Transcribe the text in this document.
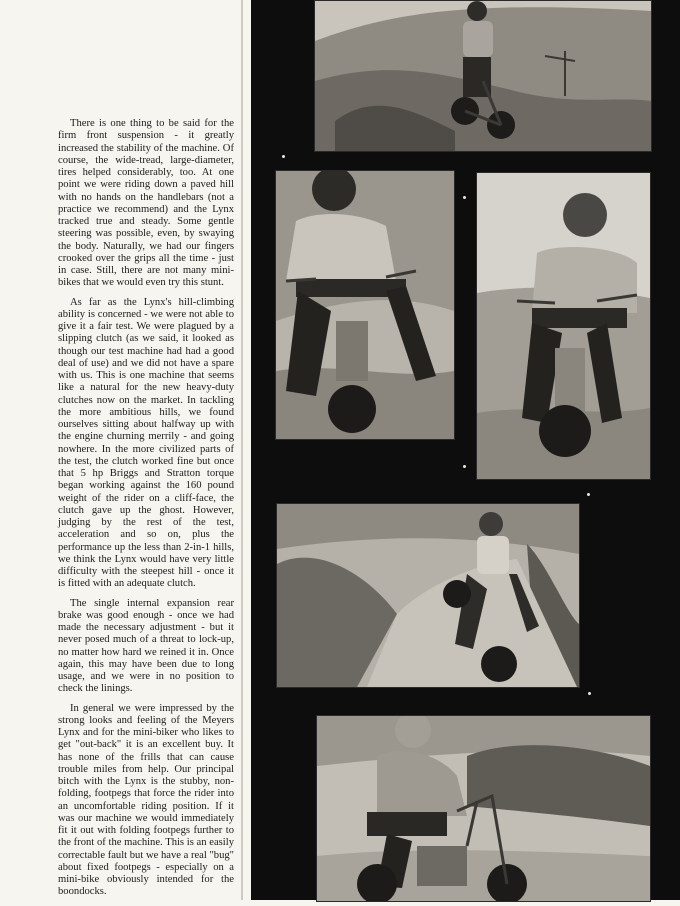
There is one thing to be said for the firm front suspension - it greatly increased the stability of the machine. Of course, the wide-tread, large-diameter, tires helped considerably, too. At one point we were riding down a paved hill with no hands on the handlebars (not a practice we recommend) and the Lynx tracked true and steady. Some gentle steering was possible, even, by swaying the body. Naturally, we had our fingers crooked over the grips all the time - just in case. Still, there are not many mini-bikes that we would even try this stunt.

As far as the Lynx's hill-climbing ability is concerned - we were not able to give it a fair test. We were plagued by a slipping clutch (as we said, it looked as though our test machine had had a good deal of use) and we did not have a spare with us. This is one machine that seems like a natural for the new heavy-duty clutches now on the market. In tackling the more ambitious hills, we found ourselves sitting about halfway up with the engine churning merrily - and going nowhere. In the more civilized parts of the test, the clutch worked fine but once that 5 hp Briggs and Stratton torque began working against the 160 pound weight of the rider on a cliff-face, the clutch gave up the ghost. However, judging by the rest of the test, acceleration and so on, plus the performance up the less than 2-in-1 hills, we think the Lynx would have very little difficulty with the steepest hill - once it is fitted with an adequate clutch.

The single internal expansion rear brake was good enough - once we had made the necessary adjustment - but it never posed much of a threat to lock-up, no matter how hard we reined it in. Once again, this may have been due to long usage, and we were in no position to check the linings.

In general we were impressed by the strong looks and feeling of the Meyers Lynx and for the mini-biker who likes to get "out-back" it is an excellent buy. It has none of the frills that can cause trouble miles from help. Our principal bitch with the Lynx is the stubby, non-folding, footpegs that force the rider into an uncomfortable riding position. If it was our machine we would immediately fit it out with folding footpegs further to the front of the machine. This is an easily correctable fault but we have a real "bug" about fixed footpegs - especially on a mini-bike obviously intended for the boondocks.
